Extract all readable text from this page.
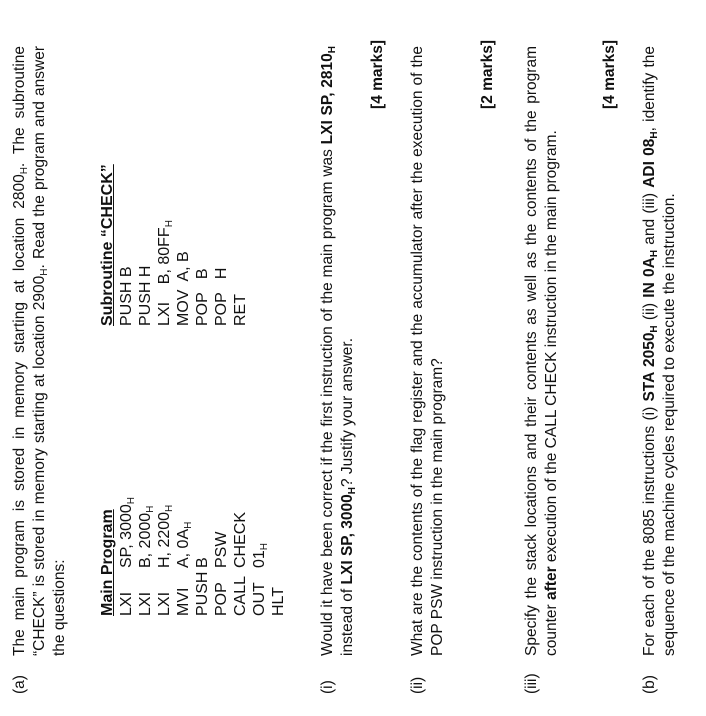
(a)
The main program is stored in memory starting at location $2800_H$. The subroutine “CHECK” is stored in memory starting at location $2900_H$. Read the program and answer the questions: Main Program LXISP, $3000_H$
LXIB, $2000_H$
LXIH, $2200_H$
MVIA, $0A_H$
PUSHB
POPPSW
CALLCHECK
$OUT01_H$
HLT
Subroutine “CHECK” PUSH B PUSH H LXI    B, $80FF_H$
MOV  A, B POP   B POP   H RET
(i)
Would it have been correct if the first instruction of the main program was LXI SP, $2810_H$ instead of LXI SP, $3000_H$? Justify your answer.
[4 marks]
(ii)
What are the contents of the flag register and the accumulator after the execution of the POP PSW instruction in the main program?
[2 marks]
(iii)
Specify the stack locations and their contents as well as the contents of the program counter after execution of the CALL CHECK instruction in the main program.
[4 marks]
(b)
For each of the 8085 instructions (i) STA $2050_H$ (ii) IN $0A_H$ and (iii) ADI $08_H$, identify the sequence of the machine cycles required to execute the instruction.
